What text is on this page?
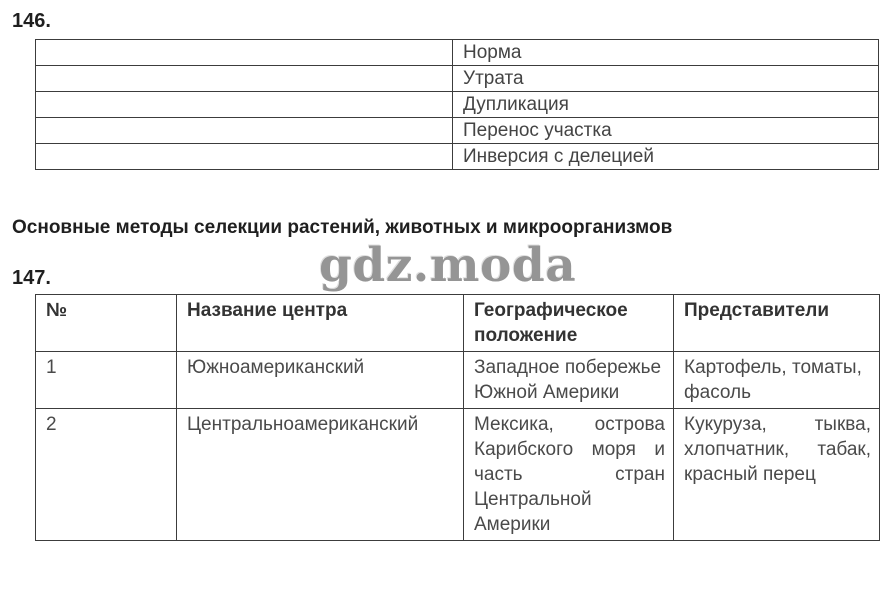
146.
	Норма
	Утрата
	Дупликация
	Перенос участка
	Инверсия с делецией
Основные методы селекции растений, животных и микроорганизмов
147.
№	Название центра	Географическое положение	Представители
1	Южноамериканский	Западное побережье Южной Америки	Картофель, томаты, фасоль
2	Центральноамериканский	Мексика, острова Карибского моря и часть стран Центральной Америки	Кукуруза, тыква, хлопчатник, табак, красный перец
gdz.moda
